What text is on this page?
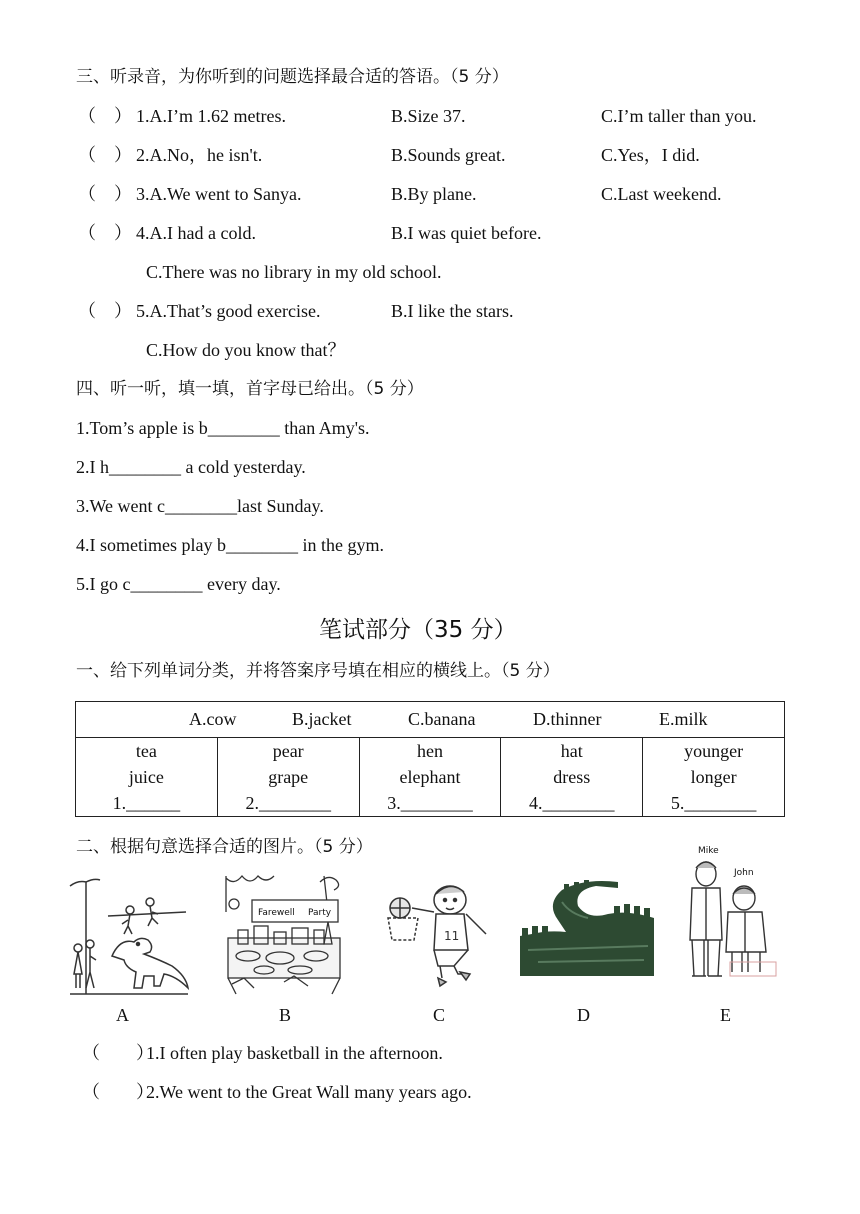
三、听录音，为你听到的问题选择最合适的答语。（5 分）
（　） 1.A.I’m 1.62 metres.	B.Size 37.	C.I’m taller than you.
（　） 2.A.No，he isn't.	B.Sounds great.	C.Yes，I did.
（　） 3.A.We went to Sanya.	B.By plane.	C.Last weekend.
（　） 4.A.I had a cold.	B.I was quiet before.
C.There was no library in my old school.
（　） 5.A.That’s good exercise.	B.I like the stars.
C.How do you know that？
四、听一听，填一填，首字母已给出。（5 分）
1.Tom’s apple is b________ than Amy's.
2.I h________ a cold yesterday.
3.We went c________last Sunday.
4.I sometimes play b________ in the gym.
5.I go c________ every day.
笔试部分（35 分）
一、给下列单词分类，并将答案序号填在相应的横线上。（5 分）
A.cow	B.jacket	C.banana	D.thinner	E.milk

tea
juice
1.______

pear
grape
2.________

hen
elephant
3.________

hat
dress
4.________

younger
longer
5.________
二、根据句意选择合适的图片。（5 分）
A
Farewell Party
B
11
C	D
Mike
John
E
（　　）
1.I often play basketball in the afternoon.
（　　）
2.We went to the Great Wall many years ago.
